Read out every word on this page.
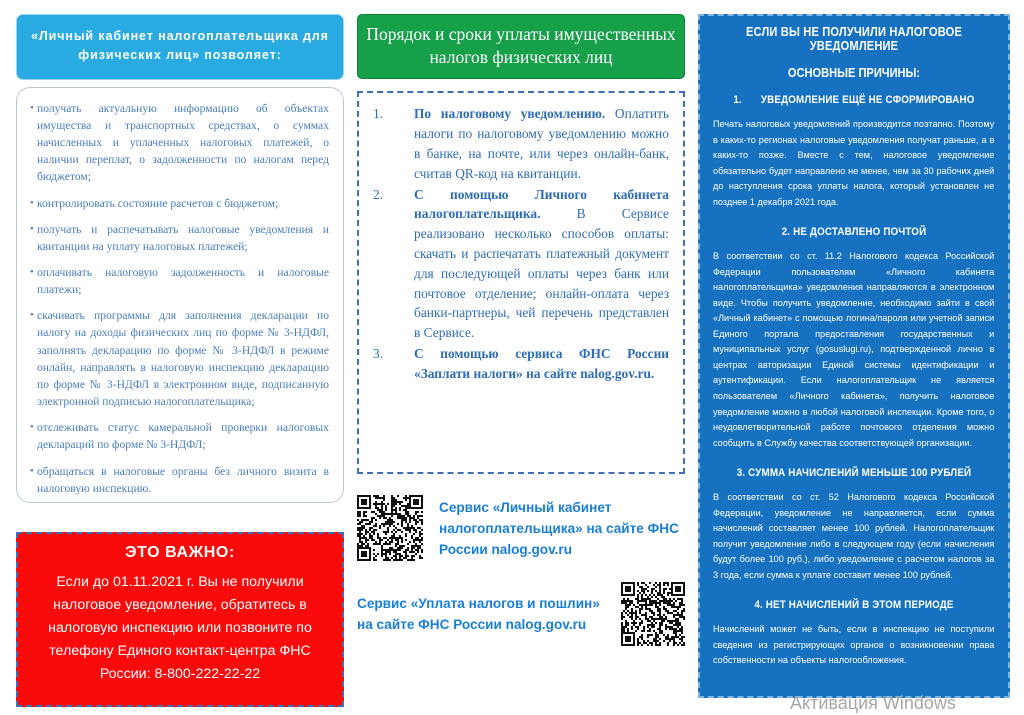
«Личный кабинет налогоплательщика для физических лиц» позволяет:
• получать актуальную информацию об объектах имущества и транспортных средствах, о суммах начисленных и уплаченных налоговых платежей, о наличии переплат, о задолженности по налогам перед бюджетом;
• контролировать состояние расчетов с бюджетом;
• получать и распечатывать налоговые уведомления и квитанции на уплату налоговых платежей;
• оплачивать налоговую задолженность и налоговые платежи;
• скачивать программы для заполнения декларации по налогу на доходы физических лиц по форме № 3-НДФЛ, заполнять декларацию по форме № 3-НДФЛ в режиме онлайн, направлять в налоговую инспекцию декларацию по форме № 3-НДФЛ в электронном виде, подписанную электронной подписью налогоплательщика;
• отслеживать статус камеральной проверки налоговых деклараций по форме № 3-НДФЛ;
• обращаться в налоговые органы без личного визита в налоговую инспекцию.
ЭТО ВАЖНО:
Если до 01.11.2021 г. Вы не получили налоговое уведомление, обратитесь в налоговую инспекцию или позвоните по телефону Единого контакт-центра ФНС России: 8-800-222-22-22
Порядок и сроки уплаты имущественных налогов физических лиц
1. По налоговому уведомлению. Оплатить налоги по налоговому уведомлению можно в банке, на почте, или через онлайн-банк, считав QR-код на квитанции.
2. С помощью Личного кабинета налогоплательщика. В Сервисе реализовано несколько способов оплаты: скачать и распечатать платежный документ для последующей оплаты через банк или почтовое отделение; онлайн-оплата через банки-партнеры, чей перечень представлен в Сервисе.
3. С помощью сервиса ФНС России «Заплати налоги» на сайте nalog.gov.ru.
Сервис «Личный кабинет налогоплательщика» на сайте ФНС России nalog.gov.ru
Сервис «Уплата налогов и пошлин» на сайте ФНС России nalog.gov.ru
ЕСЛИ ВЫ НЕ ПОЛУЧИЛИ НАЛОГОВОЕ УВЕДОМЛЕНИЕ
ОСНОВНЫЕ ПРИЧИНЫ:
1. УВЕДОМЛЕНИЕ ЕЩЁ НЕ СФОРМИРОВАНО

Печать налоговых уведомлений производится поэтапно. Поэтому в каких-то регионах налоговые уведомления получат раньше, а в каких-то позже. Вместе с тем, налоговое уведомление обязательно будет направлено не менее, чем за 30 рабочих дней до наступления срока уплаты налога, который установлен не позднее 1 декабря 2021 года.

2. НЕ ДОСТАВЛЕНО ПОЧТОЙ

В соответствии со ст. 11.2 Налогового кодекса Российской Федерации пользователям «Личного кабинета налогоплательщика» уведомления направляются в электронном виде. Чтобы получить уведомление, необходимо зайти в свой «Личный кабинет» с помощью логина/пароля или учетной записи Единого портала предоставления государственных и муниципальных услуг (gosuslugi.ru), подтвержденной лично в центрах авторизации Единой системы идентификации и аутентификации. Если налогоплательщик не является пользователем «Личного кабинета», получить налоговое уведомление можно в любой налоговой инспекции. Кроме того, о неудовлетворительной работе почтового отделения можно сообщить в Службу качества соответствующей организации.

3. СУММА НАЧИСЛЕНИЙ МЕНЬШЕ 100 РУБЛЕЙ

В соответствии со ст. 52 Налогового кодекса Российской Федерации, уведомление не направляется, если сумма начислений составляет менее 100 рублей. Налогоплательщик получит уведомление либо в следующем году (если начисления будут более 100 руб.), либо уведомление с расчетом налогов за 3 года, если сумма к уплате составит менее 100 рублей.

4. НЕТ НАЧИСЛЕНИЙ В ЭТОМ ПЕРИОДЕ

Начислений может не быть, если в инспекцию не поступили сведения из регистрирующих органов о возникновении права собственности на объекты налогообложения.

Активация Windows
